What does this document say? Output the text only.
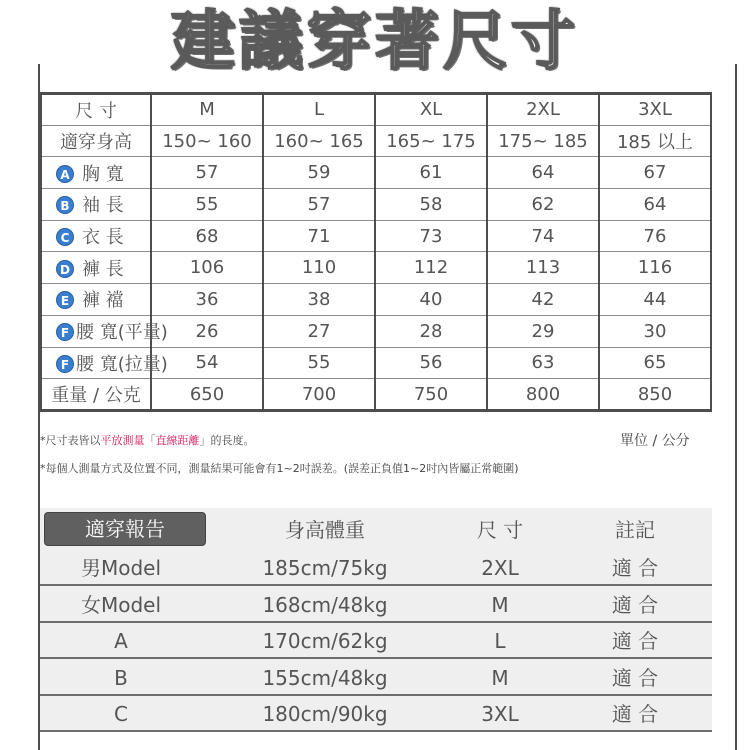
建議穿著尺寸
尺 寸	M	L	XL	2XL	3XL
適穿身高	150~ 160	160~ 165	165~ 175	175~ 185	185 以上
A 胸 寬	57	59	61	64	67
B 袖 長	55	57	58	62	64
C 衣 長	68	71	73	74	76
D 褲 長	106	110	112	113	116
E 褲 襠	36	38	40	42	44
F 腰 寬(平量)	26	27	28	29	30
F 腰 寬(拉量)	54	55	56	63	65
重量 / 公克	650	700	750	800	850
*尺寸表皆以平放測量「直線距離」的長度。
*每個人測量方式及位置不同，測量結果可能會有1~2吋誤差。(誤差正負值1~2吋內皆屬正常範圍)
單位 / 公分
適穿報告	身高體重	尺 寸	註記
男Model	185cm/75kg	2XL	適 合
女Model	168cm/48kg	M	適 合
A	170cm/62kg	L	適 合
B	155cm/48kg	M	適 合
C	180cm/90kg	3XL	適 合
